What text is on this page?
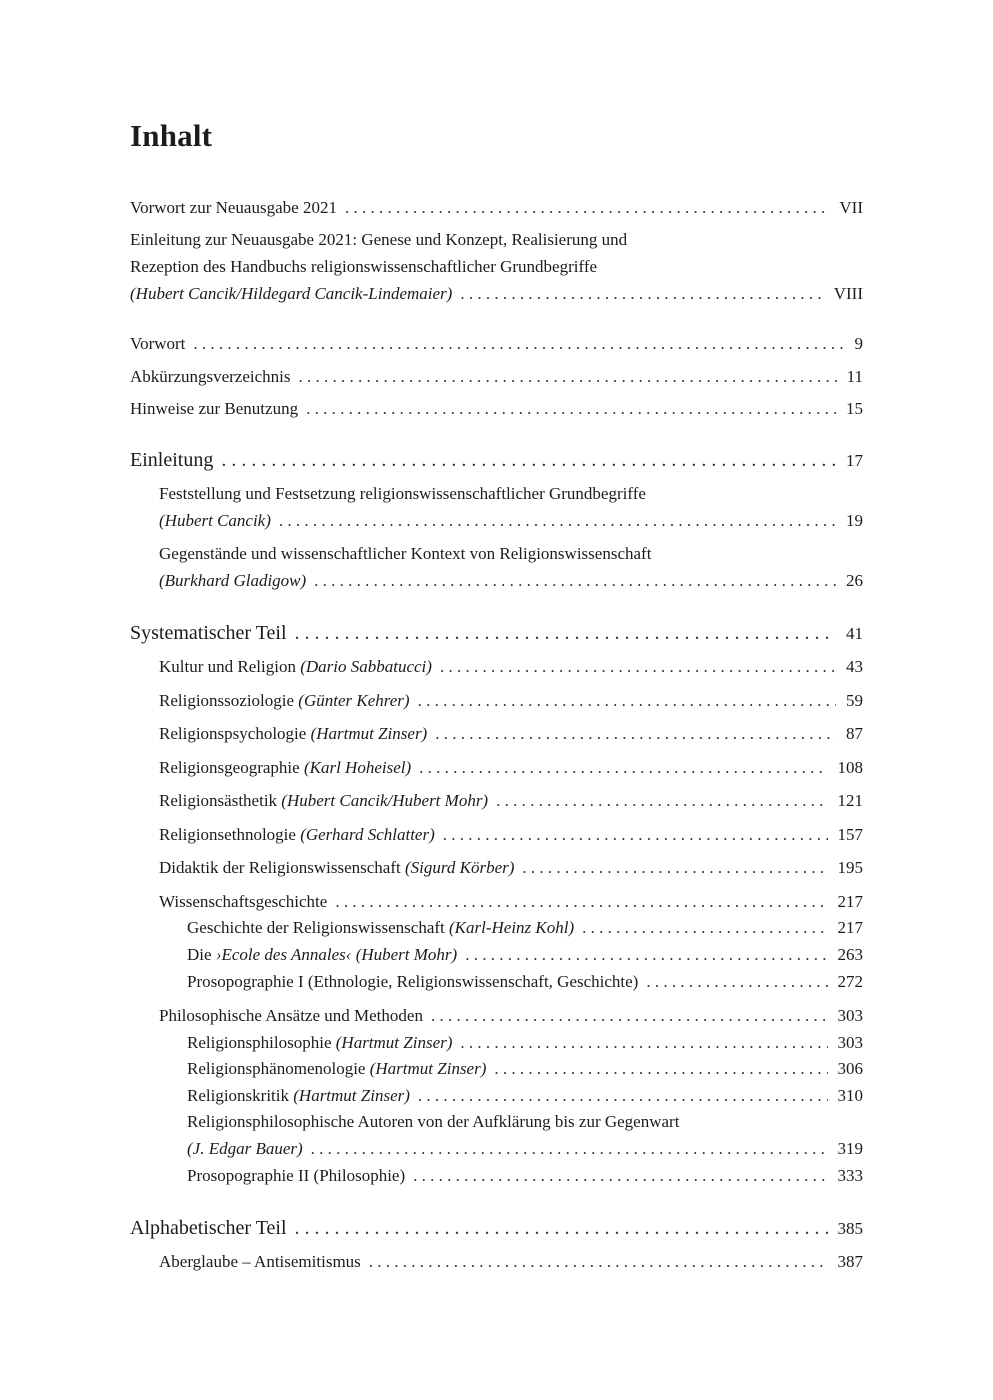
Inhalt
Vorwort zur Neuausgabe 2021 . . .	VII
Einleitung zur Neuausgabe 2021: Genese und Konzept, Realisierung und
Rezeption des Handbuchs religionswissenschaftlicher Grundbegriffe
(Hubert Cancik/Hildegard Cancik-Lindemaier) . . .	VIII
Vorwort . . .	9
Abkürzungsverzeichnis . . .	11
Hinweise zur Benutzung . . .	15
Einleitung . . .	17
Feststellung und Festsetzung religionswissenschaftlicher Grundbegriffe
(Hubert Cancik) . . .	19
Gegenstände und wissenschaftlicher Kontext von Religionswissenschaft
(Burkhard Gladigow) . . .	26
Systematischer Teil . . .	41
Kultur und Religion (Dario Sabbatucci) . . .	43
Religionssoziologie (Günter Kehrer) . . .	59
Religionspsychologie (Hartmut Zinser) . . .	87
Religionsgeographie (Karl Hoheisel) . . .	108
Religionsästhetik (Hubert Cancik/Hubert Mohr) . . .	121
Religionsethnologie (Gerhard Schlatter) . . .	157
Didaktik der Religionswissenschaft (Sigurd Körber) . . .	195
Wissenschaftsgeschichte . . .	217
Geschichte der Religionswissenschaft (Karl-Heinz Kohl) . . .	217
Die ›Ecole des Annales‹ (Hubert Mohr) . . .	263
Prosopographie I (Ethnologie, Religionswissenschaft, Geschichte) . . .	272
Philosophische Ansätze und Methoden . . .	303
Religionsphilosophie (Hartmut Zinser) . . .	303
Religionsphänomenologie (Hartmut Zinser) . . .	306
Religionskritik (Hartmut Zinser) . . .	310
Religionsphilosophische Autoren von der Aufklärung bis zur Gegenwart
(J. Edgar Bauer) . . .	319
Prosopographie II (Philosophie) . . .	333
Alphabetischer Teil . . .	385
Aberglaube – Antisemitismus . . .	387
